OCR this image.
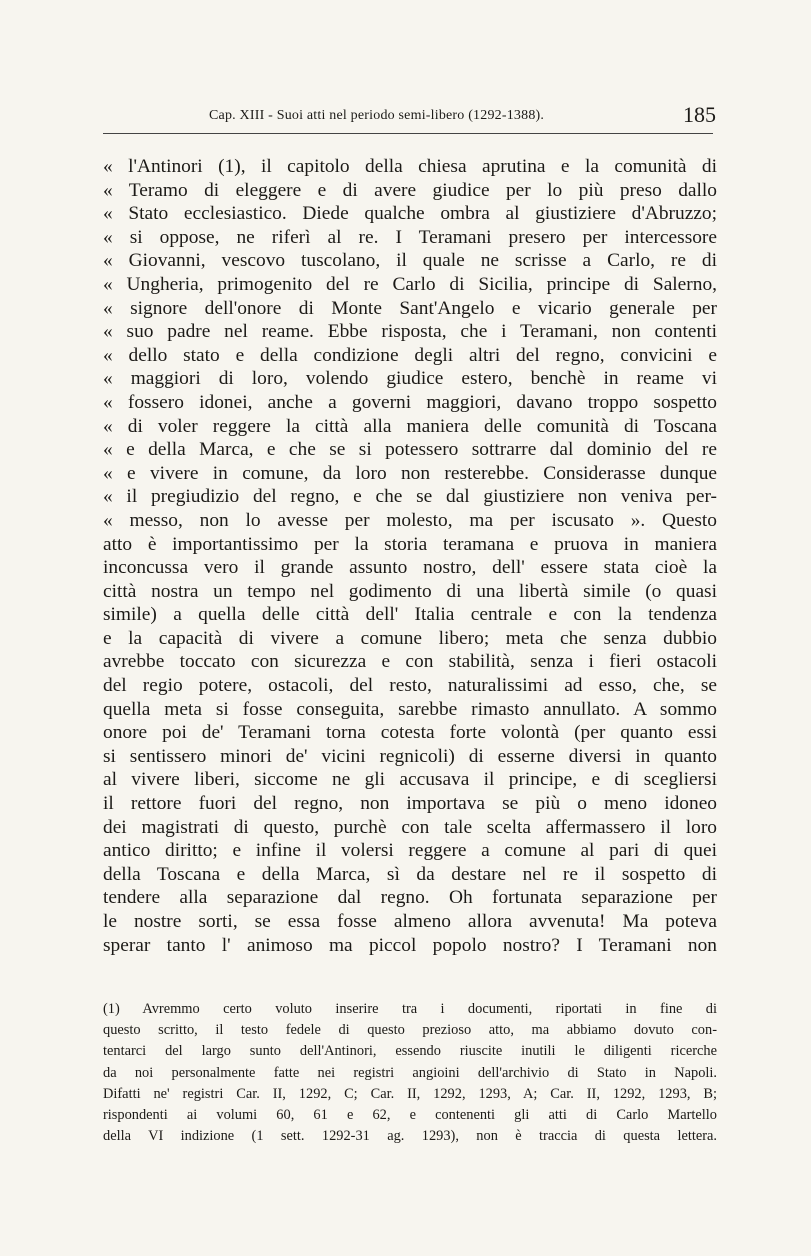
Cap. XIII - Suoi atti nel periodo semi-libero (1292-1388).	185
« l'Antinori (1), il capitolo della chiesa aprutina e la comunità di
« Teramo di eleggere e di avere giudice per lo più preso dallo
« Stato ecclesiastico. Diede qualche ombra al giustiziere d'Abruzzo;
« si oppose, ne riferì al re. I Teramani presero per intercessore
« Giovanni, vescovo tuscolano, il quale ne scrisse a Carlo, re di
« Ungheria, primogenito del re Carlo di Sicilia, principe di Salerno,
« signore dell'onore di Monte Sant'Angelo e vicario generale per
« suo padre nel reame. Ebbe risposta, che i Teramani, non contenti
« dello stato e della condizione degli altri del regno, convicini e
« maggiori di loro, volendo giudice estero, benchè in reame vi
« fossero idonei, anche a governi maggiori, davano troppo sospetto
« di voler reggere la città alla maniera delle comunità di Toscana
« e della Marca, e che se si potessero sottrarre dal dominio del re
« e vivere in comune, da loro non resterebbe. Considerasse dunque
« il pregiudizio del regno, e che se dal giustiziere non veniva per-
« messo, non lo avesse per molesto, ma per iscusato ». Questo
atto è importantissimo per la storia teramana e pruova in maniera
inconcussa vero il grande assunto nostro, dell' essere stata cioè la
città nostra un tempo nel godimento di una libertà simile (o quasi
simile) a quella delle città dell' Italia centrale e con la tendenza
e la capacità di vivere a comune libero; meta che senza dubbio
avrebbe toccato con sicurezza e con stabilità, senza i fieri ostacoli
del regio potere, ostacoli, del resto, naturalissimi ad esso, che, se
quella meta si fosse conseguita, sarebbe rimasto annullato. A sommo
onore poi de' Teramani torna cotesta forte volontà (per quanto essi
si sentissero minori de' vicini regnicoli) di esserne diversi in quanto
al vivere liberi, siccome ne gli accusava il principe, e di scegliersi
il rettore fuori del regno, non importava se più o meno idoneo
dei magistrati di questo, purchè con tale scelta affermassero il loro
antico diritto; e infine il volersi reggere a comune al pari di quei
della Toscana e della Marca, sì da destare nel re il sospetto di
tendere alla separazione dal regno. Oh fortunata separazione per
le nostre sorti, se essa fosse almeno allora avvenuta! Ma poteva
sperar tanto l' animoso ma piccol popolo nostro? I Teramani non
(1) Avremmo certo voluto inserire tra i documenti, riportati in fine di
questo scritto, il testo fedele di questo prezioso atto, ma abbiamo dovuto con-
tentarci del largo sunto dell'Antinori, essendo riuscite inutili le diligenti ricerche
da noi personalmente fatte nei registri angioini dell'archivio di Stato in Napoli.
Difatti ne' registri Car. II, 1292, C; Car. II, 1292, 1293, A; Car. II, 1292, 1293, B;
rispondenti ai volumi 60, 61 e 62, e contenenti gli atti di Carlo Martello
della VI indizione (1 sett. 1292-31 ag. 1293), non è traccia di questa lettera.
